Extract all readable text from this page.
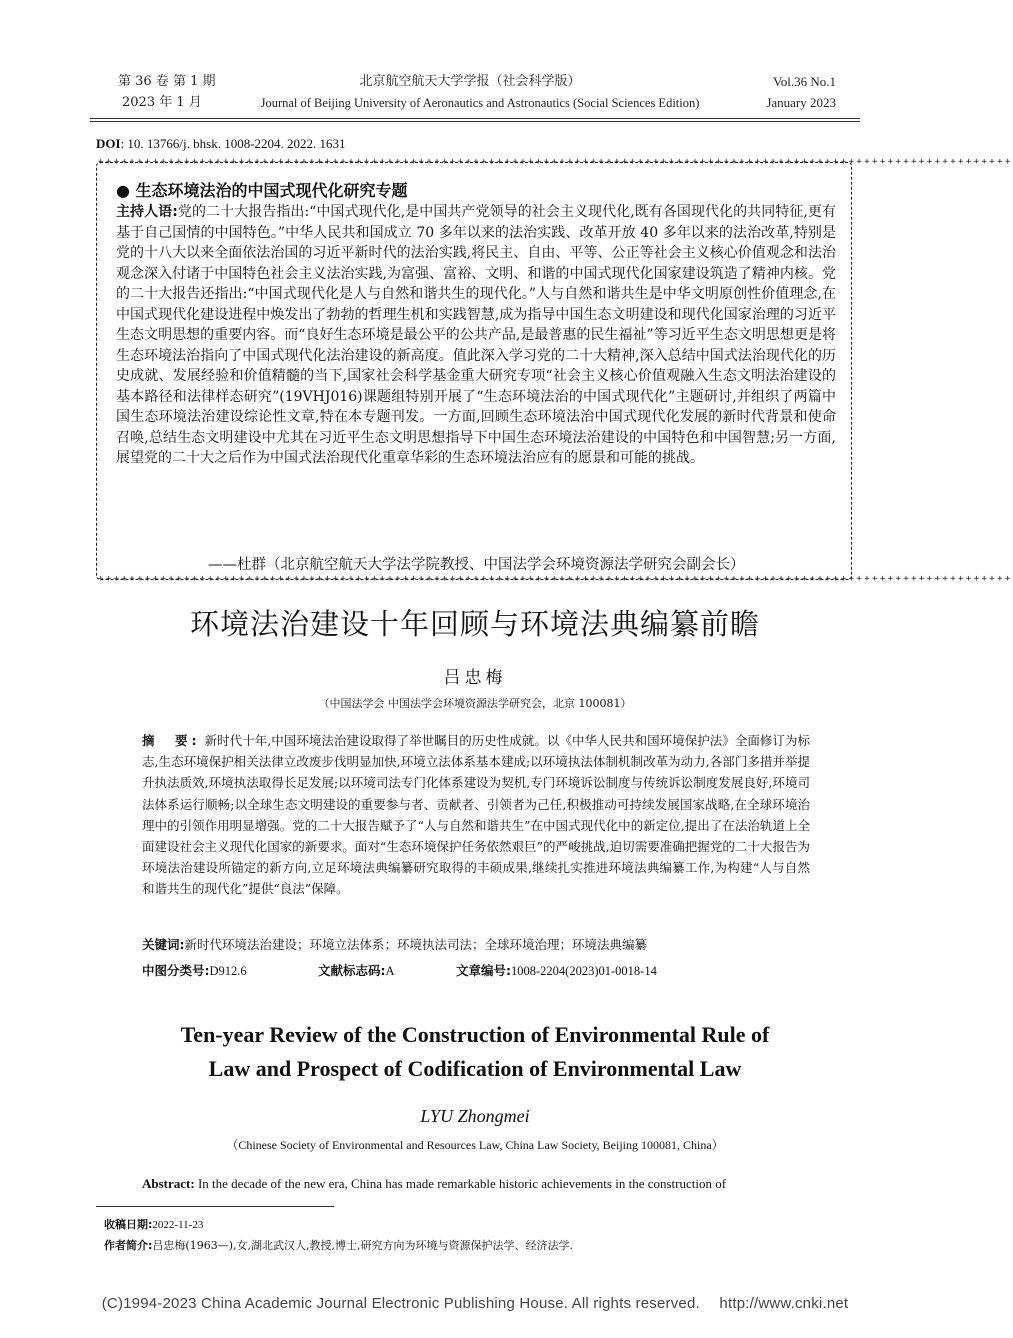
第 36 卷 第 1 期
2023 年 1 月
北京航空航天大学学报（社会科学版）
Journal of Beijing University of Aeronautics and Astronautics (Social Sciences Edition)
Vol.36 No.1
January 2023
DOI: 10. 13766/j. bhsk. 1008-2204. 2022. 1631
+++++++++++++++++++++++++++++++++++++++++++++++++++++++++++++++++++++++++++++++++++++++++++++++++++++++++++++++++++++
+++++++++++++++++++++++++++++++++++++++++++++++++++++++++++++++++++++++++++++++++++++++++++++++++++++++++++++++++++++
● 生态环境法治的中国式现代化研究专题
主持人语:党的二十大报告指出:“中国式现代化,是中国共产党领导的社会主义现代化,既有各国现代化的共同特征,更有基于自己国情的中国特色。”中华人民共和国成立 70 多年以来的法治实践、改革开放 40 多年以来的法治改革,特别是党的十八大以来全面依法治国的习近平新时代的法治实践,将民主、自由、平等、公正等社会主义核心价值观念和法治观念深入付诸于中国特色社会主义法治实践,为富强、富裕、文明、和谐的中国式现代化国家建设筑造了精神内核。党的二十大报告还指出:“中国式现代化是人与自然和谐共生的现代化。”人与自然和谐共生是中华文明原创性价值理念,在中国式现代化建设进程中焕发出了勃勃的哲理生机和实践智慧,成为指导中国生态文明建设和现代化国家治理的习近平生态文明思想的重要内容。而“良好生态环境是最公平的公共产品,是最普惠的民生福祉”等习近平生态文明思想更是将生态环境法治指向了中国式现代化法治建设的新高度。值此深入学习党的二十大精神,深入总结中国式法治现代化的历史成就、发展经验和价值精髓的当下,国家社会科学基金重大研究专项“社会主义核心价值观融入生态文明法治建设的基本路径和法律样态研究”(19VHJ016)课题组特别开展了“生态环境法治的中国式现代化”主题研讨,并组织了两篇中国生态环境法治建设综论性文章,特在本专题刊发。一方面,回顾生态环境法治中国式现代化发展的新时代背景和使命召唤,总结生态文明建设中尤其在习近平生态文明思想指导下中国生态环境法治建设的中国特色和中国智慧;另一方面,展望党的二十大之后作为中国式法治现代化重章华彩的生态环境法治应有的愿景和可能的挑战。
——杜群（北京航空航天大学法学院教授、中国法学会环境资源法学研究会副会长）
环境法治建设十年回顾与环境法典编纂前瞻
吕忠梅
（中国法学会 中国法学会环境资源法学研究会，北京 100081）
摘　要: 新时代十年,中国环境法治建设取得了举世瞩目的历史性成就。以《中华人民共和国环境保护法》全面修订为标志,生态环境保护相关法律立改废步伐明显加快,环境立法体系基本建成;以环境执法体制机制改革为动力,各部门多措并举提升执法质效,环境执法取得长足发展;以环境司法专门化体系建设为契机,专门环境诉讼制度与传统诉讼制度发展良好,环境司法体系运行顺畅;以全球生态文明建设的重要参与者、贡献者、引领者为己任,积极推动可持续发展国家战略,在全球环境治理中的引领作用明显增强。党的二十大报告赋予了“人与自然和谐共生”在中国式现代化中的新定位,提出了在法治轨道上全面建设社会主义现代化国家的新要求。面对“生态环境保护任务依然艰巨”的严峻挑战,迫切需要准确把握党的二十大报告为环境法治建设所锚定的新方向,立足环境法典编纂研究取得的丰硕成果,继续扎实推进环境法典编纂工作,为构建“人与自然和谐共生的现代化”提供“良法”保障。
关键词:新时代环境法治建设；环境立法体系；环境执法司法；全球环境治理；环境法典编纂
中图分类号:D912.6	文献标志码:A	文章编号:1008-2204(2023)01-0018-14
Ten-year Review of the Construction of Environmental Rule of
Law and Prospect of Codification of Environmental Law
LYU Zhongmei
（Chinese Society of Environmental and Resources Law, China Law Society, Beijing 100081, China）
Abstract: In the decade of the new era, China has made remarkable historic achievements in the construction of
收稿日期:2022-11-23
作者简介:吕忠梅(1963—),女,湖北武汉人,教授,博士,研究方向为环境与资源保护法学、经济法学.
(C)1994-2023 China Academic Journal Electronic Publishing House. All rights reserved.　 http://www.cnki.net
